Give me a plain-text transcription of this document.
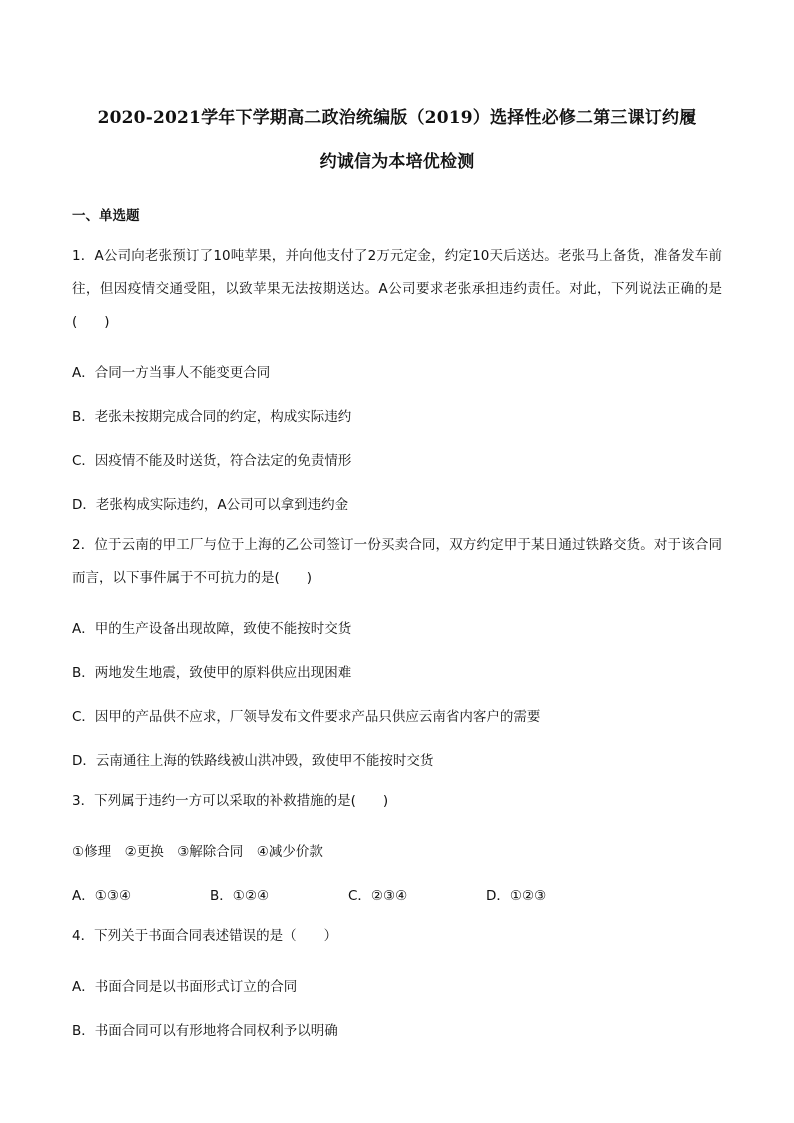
2020-2021学年下学期高二政治统编版（2019）选择性必修二第三课订约履
约诚信为本培优检测
一、单选题
1．A公司向老张预订了10吨苹果，并向他支付了2万元定金，约定10天后送达。老张马上备货，准备发车前往，但因疫情交通受阻，以致苹果无法按期送达。A公司要求老张承担违约责任。对此，下列说法正确的是(　　)
A．合同一方当事人不能变更合同
B．老张未按期完成合同的约定，构成实际违约
C．因疫情不能及时送货，符合法定的免责情形
D．老张构成实际违约，A公司可以拿到违约金
2．位于云南的甲工厂与位于上海的乙公司签订一份买卖合同，双方约定甲于某日通过铁路交货。对于该合同而言，以下事件属于不可抗力的是(　　)
A．甲的生产设备出现故障，致使不能按时交货
B．两地发生地震，致使甲的原料供应出现困难
C．因甲的产品供不应求，厂领导发布文件要求产品只供应云南省内客户的需要
D．云南通往上海的铁路线被山洪冲毁，致使甲不能按时交货
3．下列属于违约一方可以采取的补救措施的是(　　)
①修理　②更换　③解除合同　④减少价款
A．①③④	B．①②④	C．②③④	D．①②③
4．下列关于书面合同表述错误的是（　　）
A．书面合同是以书面形式订立的合同
B．书面合同可以有形地将合同权利予以明确
